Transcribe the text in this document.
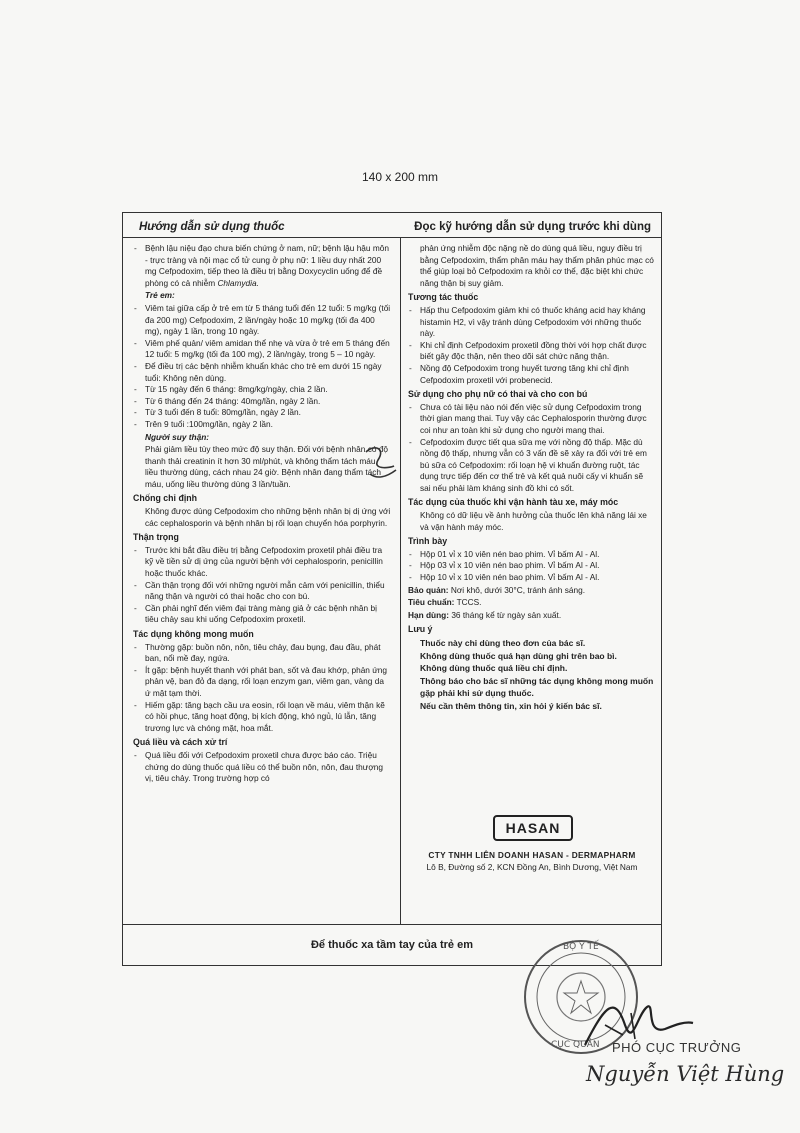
140 x 200 mm
Hướng dẫn sử dụng thuốc	Đọc kỹ hướng dẫn sử dụng trước khi dùng
- Bệnh lậu niệu đạo chưa biến chứng ở nam, nữ; bệnh lậu hậu môn - trực tràng và nội mạc cổ tử cung ở phụ nữ: 1 liều duy nhất 200 mg Cefpodoxim, tiếp theo là điều trị bằng Doxycyclin uống để đề phòng có cả nhiễm Chlamydia.
Trẻ em:
- Viêm tai giữa cấp ở trẻ em từ 5 tháng tuổi đến 12 tuổi: 5 mg/kg (tối đa 200 mg) Cefpodoxim, 2 lần/ngày hoặc 10 mg/kg (tối đa 400 mg), ngày 1 lần, trong 10 ngày.
- Viêm phế quản/ viêm amidan thể nhẹ và vừa ở trẻ em 5 tháng đến 12 tuổi: 5 mg/kg (tối đa 100 mg), 2 lần/ngày, trong 5 – 10 ngày.
- Để điều trị các bệnh nhiễm khuẩn khác cho trẻ em dưới 15 ngày tuổi: Không nên dùng.
- Từ 15 ngày đến 6 tháng: 8mg/kg/ngày, chia 2 lần.
- Từ 6 tháng đến 24 tháng: 40mg/lần, ngày 2 lần.
- Từ 3 tuổi đến 8 tuổi: 80mg/lần, ngày 2 lần.
- Trên 9 tuổi :100mg/lần, ngày 2 lần.
Người suy thận:
Phải giảm liều tùy theo mức độ suy thận. Đối với bệnh nhân có độ thanh thải creatinin ít hơn 30 ml/phút, và không thẩm tách máu, liều thường dùng, cách nhau 24 giờ. Bệnh nhân đang thẩm tách máu, uống liều thường dùng 3 lần/tuần.
Chống chỉ định
Không được dùng Cefpodoxim cho những bệnh nhân bị dị ứng với các cephalosporin và bệnh nhân bị rối loạn chuyển hóa porphyrin.
Thận trọng
- Trước khi bắt đầu điều trị bằng Cefpodoxim proxetil phải điều tra kỹ về tiền sử dị ứng của người bệnh với cephalosporin, penicillin hoặc thuốc khác.
- Cần thận trọng đối với những người mẫn cảm với penicillin, thiểu năng thận và người có thai hoặc cho con bú.
- Cần phải nghĩ đến viêm đại tràng màng giả ở các bệnh nhân bị tiêu chảy sau khi uống Cefpodoxim proxetil.
Tác dụng không mong muốn
- Thường gặp: buồn nôn, nôn, tiêu chảy, đau bụng, đau đầu, phát ban, nổi mề đay, ngứa.
- Ít gặp: bệnh huyết thanh với phát ban, sốt và đau khớp, phản ứng phản vệ, ban đỏ đa dạng, rối loạn enzym gan, viêm gan, vàng da ứ mật tạm thời.
- Hiếm gặp: tăng bạch cầu ưa eosin, rối loạn về máu, viêm thận kẽ có hồi phục, tăng hoạt động, bị kích động, khó ngủ, lú lẫn, tăng trương lực và chóng mặt, hoa mắt.
Quá liều và cách xử trí
- Quá liều đối với Cefpodoxim proxetil chưa được báo cáo. Triệu chứng do dùng thuốc quá liều có thể buồn nôn, nôn, đau thượng vị, tiêu chảy. Trong trường hợp có
phản ứng nhiễm độc nặng nề do dùng quá liều, nguy điều trị bằng Cefpodoxim, thẩm phân máu hay thẩm phân phúc mạc có thể giúp loại bỏ Cefpodoxim ra khỏi cơ thể, đặc biệt khi chức năng thận bị suy giảm.
Tương tác thuốc
- Hấp thu Cefpodoxim giảm khi có thuốc kháng acid hay kháng histamin H2, vì vậy tránh dùng Cefpodoxim với những thuốc này.
- Khi chỉ định Cefpodoxim proxetil đồng thời với hợp chất được biết gây độc thận, nên theo dõi sát chức năng thận.
- Nồng độ Cefpodoxim trong huyết tương tăng khi chỉ định Cefpodoxim proxetil với probenecid.
Sử dụng cho phụ nữ có thai và cho con bú
- Chưa có tài liệu nào nói đến việc sử dụng Cefpodoxim trong thời gian mang thai. Tuy vậy các Cephalosporin thường được coi như an toàn khi sử dụng cho người mang thai.
- Cefpodoxim được tiết qua sữa mẹ với nồng độ thấp. Mặc dù nồng độ thấp, nhưng vẫn có 3 vấn đề sẽ xảy ra đối với trẻ em bú sữa có Cefpodoxim: rối loạn hệ vi khuẩn đường ruột, tác dụng trực tiếp đến cơ thể trẻ và kết quả nuôi cấy vi khuẩn sẽ sai nếu phải làm kháng sinh đồ khi có sốt.
Tác dụng của thuốc khi vận hành tàu xe, máy móc
Không có dữ liệu về ảnh hưởng của thuốc lên khả năng lái xe và vận hành máy móc.
Trình bày
- Hộp 01 vỉ x 10 viên nén bao phim. Vỉ bấm Al - Al.
- Hộp 03 vỉ x 10 viên nén bao phim. Vỉ bấm Al - Al.
- Hộp 10 vỉ x 10 viên nén bao phim. Vỉ bấm Al - Al.
Bảo quản: Nơi khô, dưới 30°C, tránh ánh sáng.
Tiêu chuẩn: TCCS.
Hạn dùng: 36 tháng kể từ ngày sản xuất.
Lưu ý
Thuốc này chỉ dùng theo đơn của bác sĩ.
Không dùng thuốc quá hạn dùng ghi trên bao bì.
Không dùng thuốc quá liều chỉ định.
Thông báo cho bác sĩ những tác dụng không mong muốn gặp phải khi sử dụng thuốc.
Nếu cần thêm thông tin, xin hỏi ý kiến bác sĩ.
HASAN
CTY TNHH LIÊN DOANH HASAN - DERMAPHARM
Lô B, Đường số 2, KCN Đồng An, Bình Dương, Việt Nam
Để thuốc xa tầm tay của trẻ em	BỘ Y TẾ
CỤC QUẢN PHÓ CỤC TRƯỞNG
Nguyễn Việt Hùng
